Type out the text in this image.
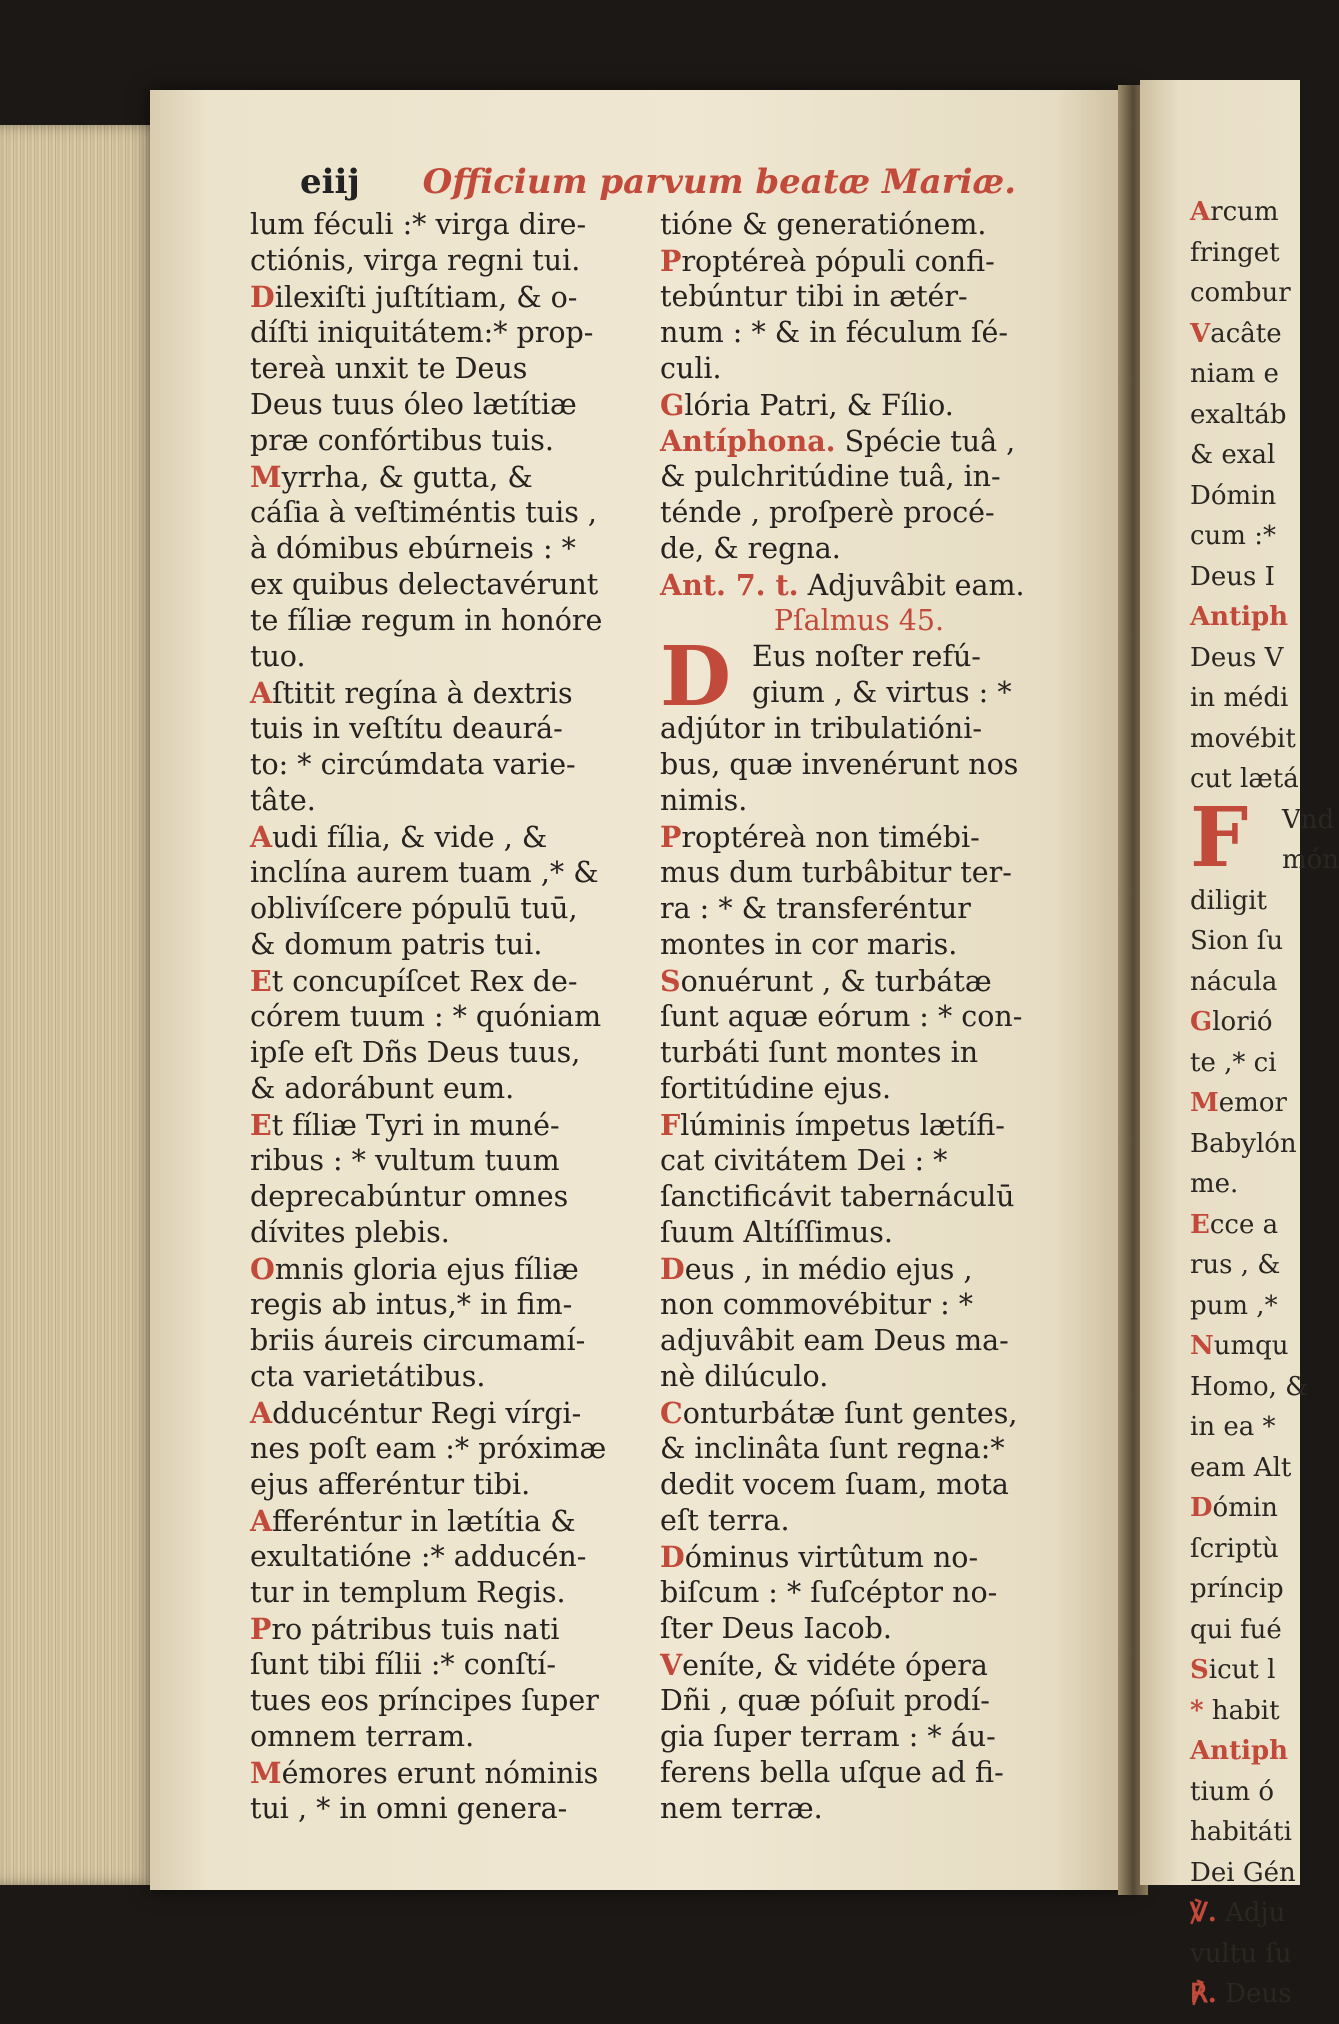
eiij Officium parvum beatæ Mariæ.
lum féculi :* virga dire-
ctiónis, virga regni tui.
Dilexiſti juſtítiam, & o-
díſti iniquitátem:* prop-
tereà unxit te Deus
Deus tuus óleo lætítiæ
præ confórtibus tuis.
Myrrha, & gutta, &
cáſia à veſtiméntis tuis ,
à dómibus ebúrneis : *
ex quibus delectavérunt
te fíliæ regum in honóre
tuo.
Aſtitit regína à dextris
tuis in veſtítu deaurá-
to: * circúmdata varie-
tâte.
Audi fília, & vide , &
inclína aurem tuam ,* &
oblivíſcere pópulū tuū,
& domum patris tui.
Et concupíſcet Rex de-
córem tuum : * quóniam
ipſe eſt Dñs Deus tuus,
& adorábunt eum.
Et fíliæ Tyri in muné-
ribus : * vultum tuum
deprecabúntur omnes
dívites plebis.
Omnis gloria ejus fíliæ
regis ab intus,* in fim-
briis áureis circumamí-
cta varietátibus.
Adducéntur Regi vírgi-
nes poſt eam :* próximæ
ejus afferéntur tibi.
Afferéntur in lætítia &
exultatióne :* adducén-
tur in templum Regis.
Pro pátribus tuis nati
ſunt tibi fílii :* conſtí-
tues eos príncipes ſuper
omnem terram.
Mémores erunt nóminis
tui , * in omni genera-
tióne & generatiónem.
Proptéreà pópuli confi-
tebúntur tibi in ætér-
num : * & in féculum ſé-
culi.
Glória Patri, & Fílio.
Antíphona. Spécie tuâ ,
& pulchritúdine tuâ, in-
ténde , proſperè procé-
de, & regna.
Ant. 7. t. Adjuvâbit eam.
Pſalmus 45.
D Eus noſter refú-
gium , & virtus : *
adjútor in tribulatióni-
bus, quæ invenérunt nos
nimis.
Proptéreà non timébi-
mus dum turbâbitur ter-
ra : * & transferéntur
montes in cor maris.
Sonuérunt , & turbátæ
ſunt aquæ eórum : * con-
turbáti ſunt montes in
fortitúdine ejus.
Flúminis ímpetus lætífi-
cat civitátem Dei : *
ſanctificávit tabernáculū
ſuum Altíſſimus.
Deus , in médio ejus ,
non commovébitur : *
adjuvâbit eam Deus ma-
nè dilúculo.
Conturbátæ ſunt gentes,
& inclinâta ſunt regna:*
dedit vocem ſuam, mota
eſt terra.
Dóminus virtûtum no-
biſcum : * ſuſcéptor no-
ſter Deus Iacob.
Veníte, & vidéte ópera
Dñi , quæ póſuit prodí-
gia ſuper terram : * áu-
ferens bella uſque ad fi-
nem terræ.
Arcum
fringet
combur
Vacâte
niam e
exaltáb
& exal
Dómin
cum :*
Deus I
Antiph
Deus V
in médi
movébit
cut lætá
F Vnd
món
diligit
Sion ſu
nácula
Glorió
te ,* ci
Memor
Babylón
me.
Ecce a
rus , &
pum ,*
Numqu
Homo, &
in ea *
eam Alt
Dómin
ſcriptù
príncip
qui fué
Sicut l
* habit
Antiph
tium ó
habitáti
Dei Gén
℣. Adju
vultu ſu
℟. Deus
